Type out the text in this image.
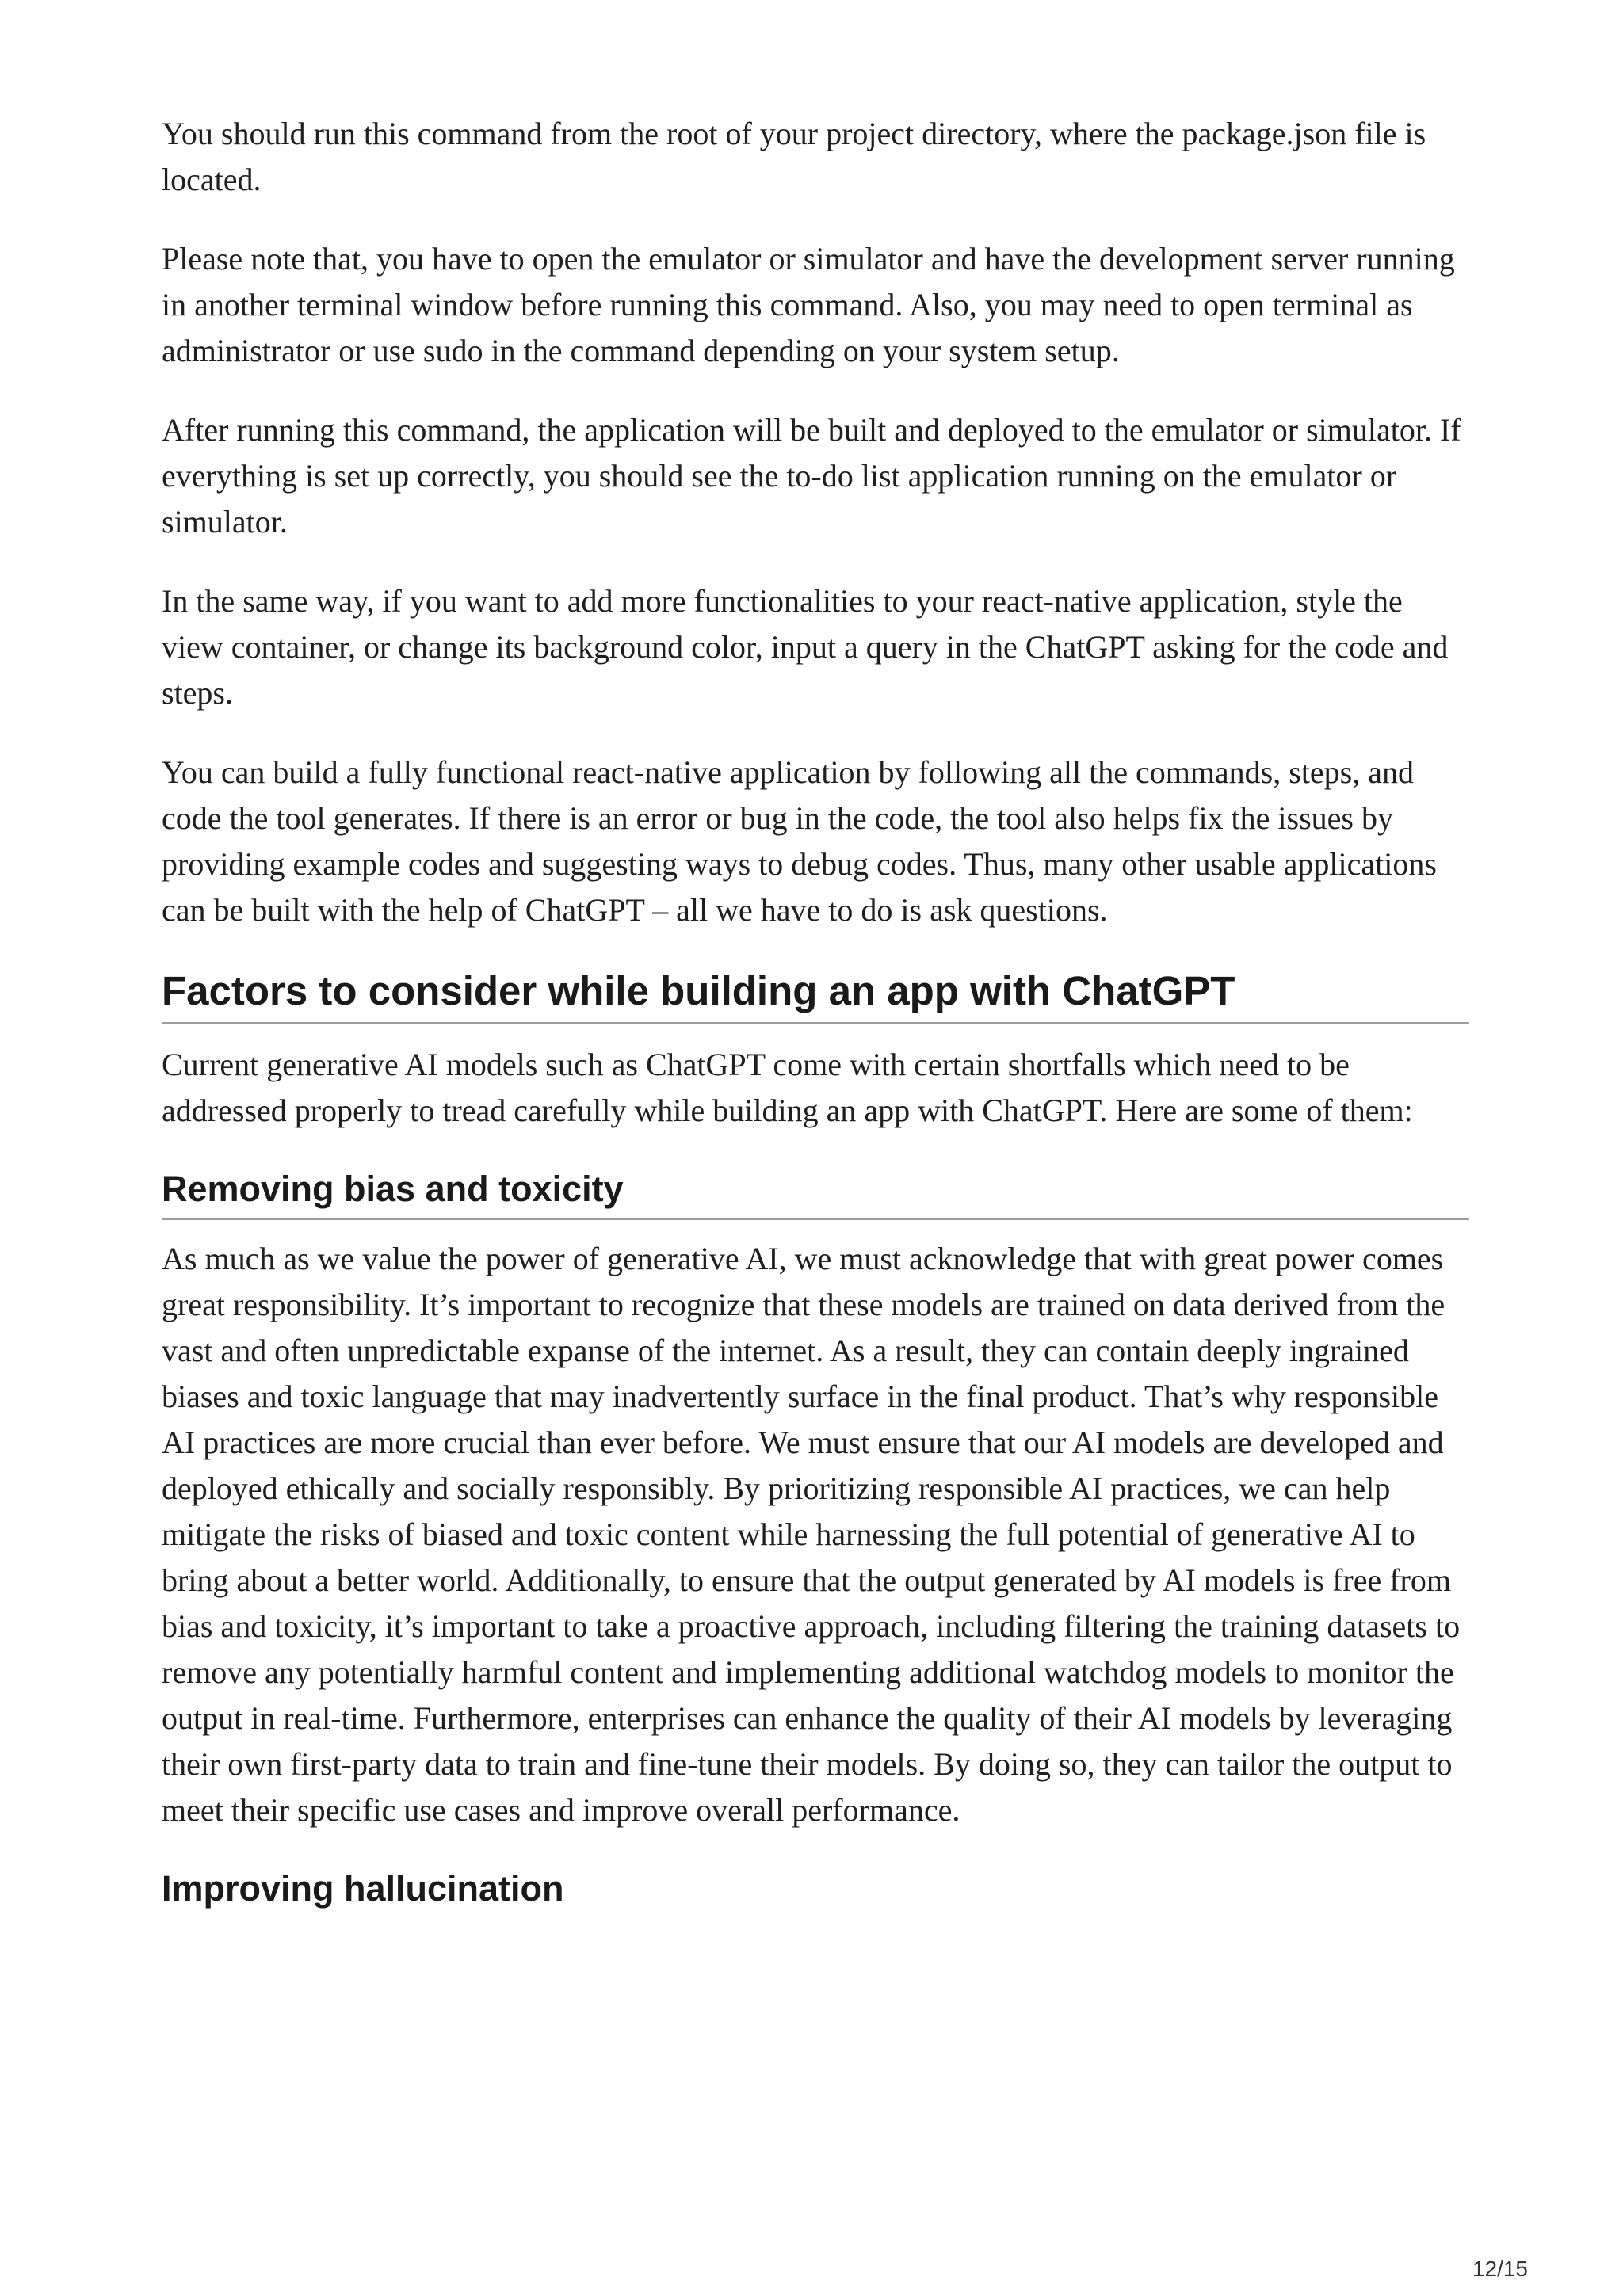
You should run this command from the root of your project directory, where the package.json file is located.

Please note that, you have to open the emulator or simulator and have the development server running in another terminal window before running this command. Also, you may need to open terminal as administrator or use sudo in the command depending on your system setup.

After running this command, the application will be built and deployed to the emulator or simulator. If everything is set up correctly, you should see the to-do list application running on the emulator or simulator.

In the same way, if you want to add more functionalities to your react-native application, style the view container, or change its background color, input a query in the ChatGPT asking for the code and steps.

You can build a fully functional react-native application by following all the commands, steps, and code the tool generates. If there is an error or bug in the code, the tool also helps fix the issues by providing example codes and suggesting ways to debug codes. Thus, many other usable applications can be built with the help of ChatGPT – all we have to do is ask questions.

Factors to consider while building an app with ChatGPT

Current generative AI models such as ChatGPT come with certain shortfalls which need to be addressed properly to tread carefully while building an app with ChatGPT. Here are some of them:

Removing bias and toxicity

As much as we value the power of generative AI, we must acknowledge that with great power comes great responsibility. It’s important to recognize that these models are trained on data derived from the vast and often unpredictable expanse of the internet. As a result, they can contain deeply ingrained biases and toxic language that may inadvertently surface in the final product. That’s why responsible AI practices are more crucial than ever before. We must ensure that our AI models are developed and deployed ethically and socially responsibly. By prioritizing responsible AI practices, we can help mitigate the risks of biased and toxic content while harnessing the full potential of generative AI to bring about a better world. Additionally, to ensure that the output generated by AI models is free from bias and toxicity, it’s important to take a proactive approach, including filtering the training datasets to remove any potentially harmful content and implementing additional watchdog models to monitor the output in real-time. Furthermore, enterprises can enhance the quality of their AI models by leveraging their own first-party data to train and fine-tune their models. By doing so, they can tailor the output to meet their specific use cases and improve overall performance.

Improving hallucination
12/15
